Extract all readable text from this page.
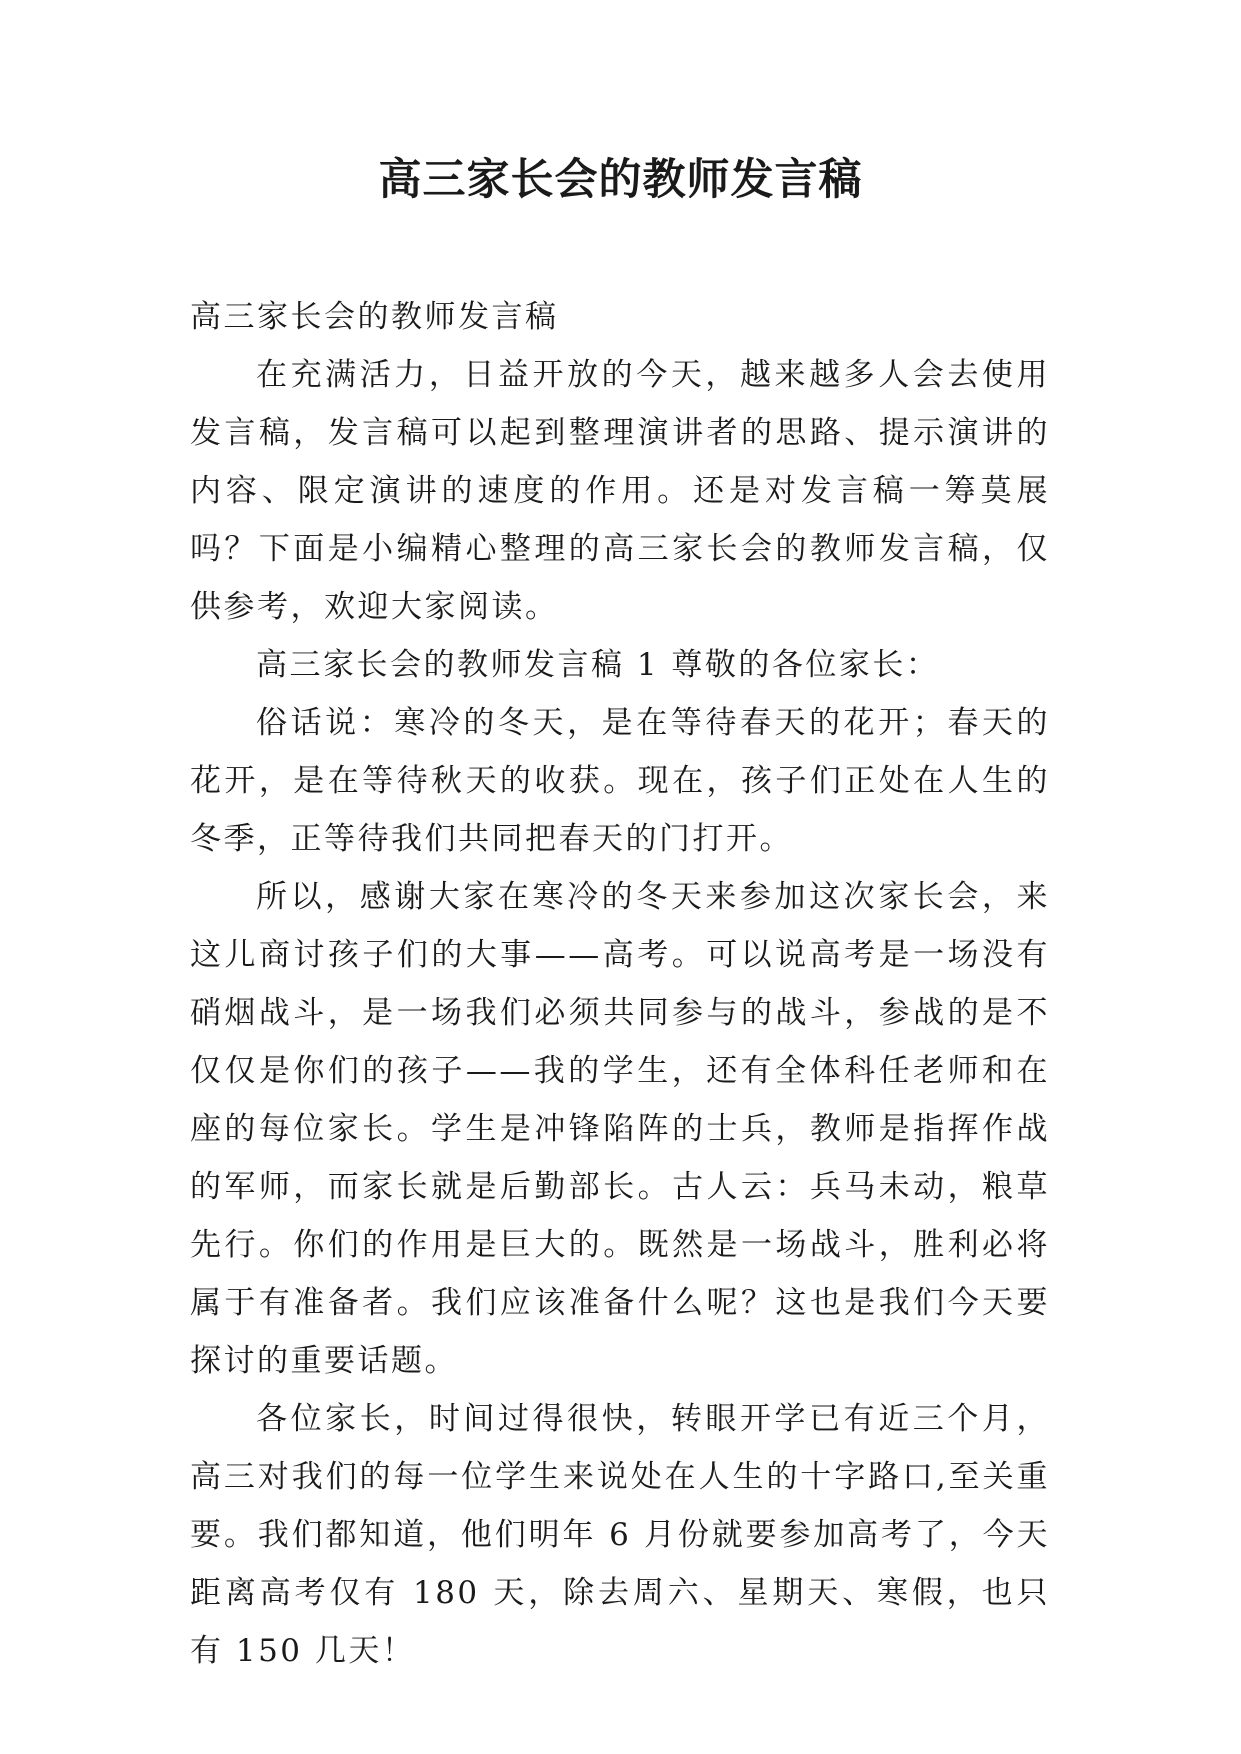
高三家长会的教师发言稿

高三家长会的教师发言稿

在充满活力，日益开放的今天，越来越多人会去使用发言稿，发言稿可以起到整理演讲者的思路、提示演讲的内容、限定演讲的速度的作用。还是对发言稿一筹莫展吗？下面是小编精心整理的高三家长会的教师发言稿，仅供参考，欢迎大家阅读。

高三家长会的教师发言稿 1 尊敬的各位家长：

俗话说：寒冷的冬天，是在等待春天的花开；春天的花开，是在等待秋天的收获。现在，孩子们正处在人生的冬季，正等待我们共同把春天的门打开。

所以，感谢大家在寒冷的冬天来参加这次家长会，来这儿商讨孩子们的大事——高考。可以说高考是一场没有硝烟战斗，是一场我们必须共同参与的战斗，参战的是不仅仅是你们的孩子——我的学生，还有全体科任老师和在座的每位家长。学生是冲锋陷阵的士兵，教师是指挥作战的军师，而家长就是后勤部长。古人云：兵马未动，粮草先行。你们的作用是巨大的。既然是一场战斗，胜利必将属于有准备者。我们应该准备什么呢？这也是我们今天要探讨的重要话题。

各位家长，时间过得很快，转眼开学已有近三个月，高三对我们的每一位学生来说处在人生的十字路口,至关重要。我们都知道，他们明年 6 月份就要参加高考了，今天距离高考仅有 180 天，除去周六、星期天、寒假，也只有 150 几天！
